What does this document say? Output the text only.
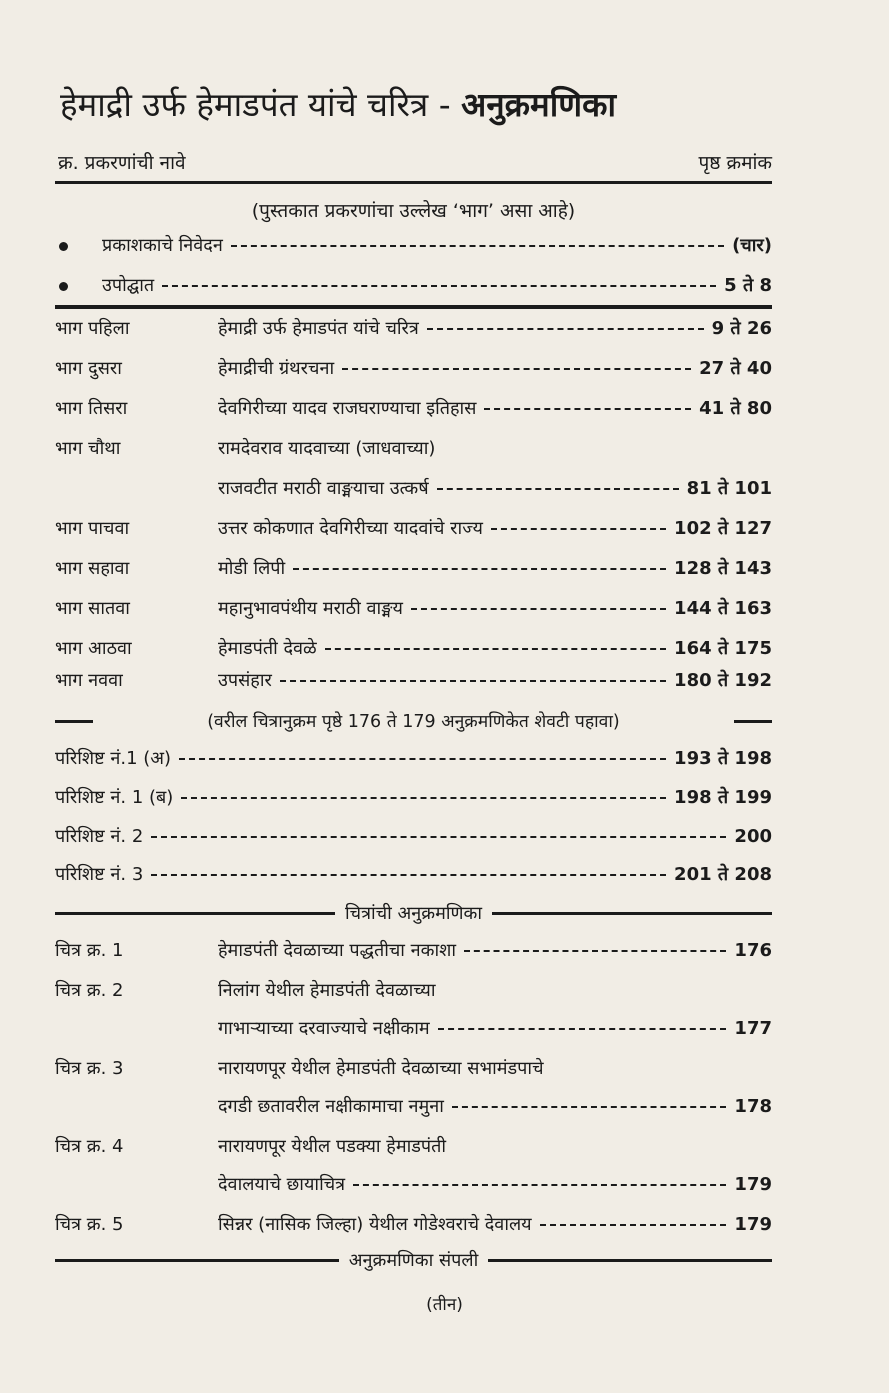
हेमाद्री उर्फ हेमाडपंत यांचे चरित्र - अनुक्रमणिका
क्र. प्रकरणांची नावे	पृष्ठ क्रमांक
(पुस्तकात प्रकरणांचा उल्लेख ‘भाग’ असा आहे)
प्रकाशकाचे निवेदन	(चार)
उपोद्घात	5 ते 8
भाग पहिला	हेमाद्री उर्फ हेमाडपंत यांचे चरित्र	9 ते 26
भाग दुसरा	हेमाद्रीची ग्रंथरचना	27 ते 40
भाग तिसरा	देवगिरीच्या यादव राजघराण्याचा इतिहास	41 ते 80
भाग चौथा	रामदेवराव यादवाच्या (जाधवाच्या)
राजवटीत मराठी वाङ्मयाचा उत्कर्ष	81 ते 101
भाग पाचवा	उत्तर कोकणात देवगिरीच्या यादवांचे राज्य	102 ते 127
भाग सहावा	मोडी लिपी	128 ते 143
भाग सातवा	महानुभावपंथीय मराठी वाङ्मय	144 ते 163
भाग आठवा	हेमाडपंती देवळे	164 ते 175
भाग नववा	उपसंहार	180 ते 192
(वरील चित्रानुक्रम पृष्ठे 176 ते 179 अनुक्रमणिकेत शेवटी पहावा)
परिशिष्ट नं.1 (अ)	193 ते 198
परिशिष्ट नं. 1 (ब)	198 ते 199
परिशिष्ट नं. 2	200
परिशिष्ट नं. 3	201 ते 208
चित्रांची अनुक्रमणिका
चित्र क्र. 1	हेमाडपंती देवळाच्या पद्धतीचा नकाशा	176
चित्र क्र. 2	निलांग येथील हेमाडपंती देवळाच्या
गाभाऱ्याच्या दरवाज्याचे नक्षीकाम	177
चित्र क्र. 3	नारायणपूर येथील हेमाडपंती देवळाच्या सभामंडपाचे
दगडी छतावरील नक्षीकामाचा नमुना	178
चित्र क्र. 4	नारायणपूर येथील पडक्या हेमाडपंती
देवालयाचे छायाचित्र	179
चित्र क्र. 5	सिन्नर (नासिक जिल्हा) येथील गोडेश्वराचे देवालय	179
अनुक्रमणिका संपली
(तीन)
